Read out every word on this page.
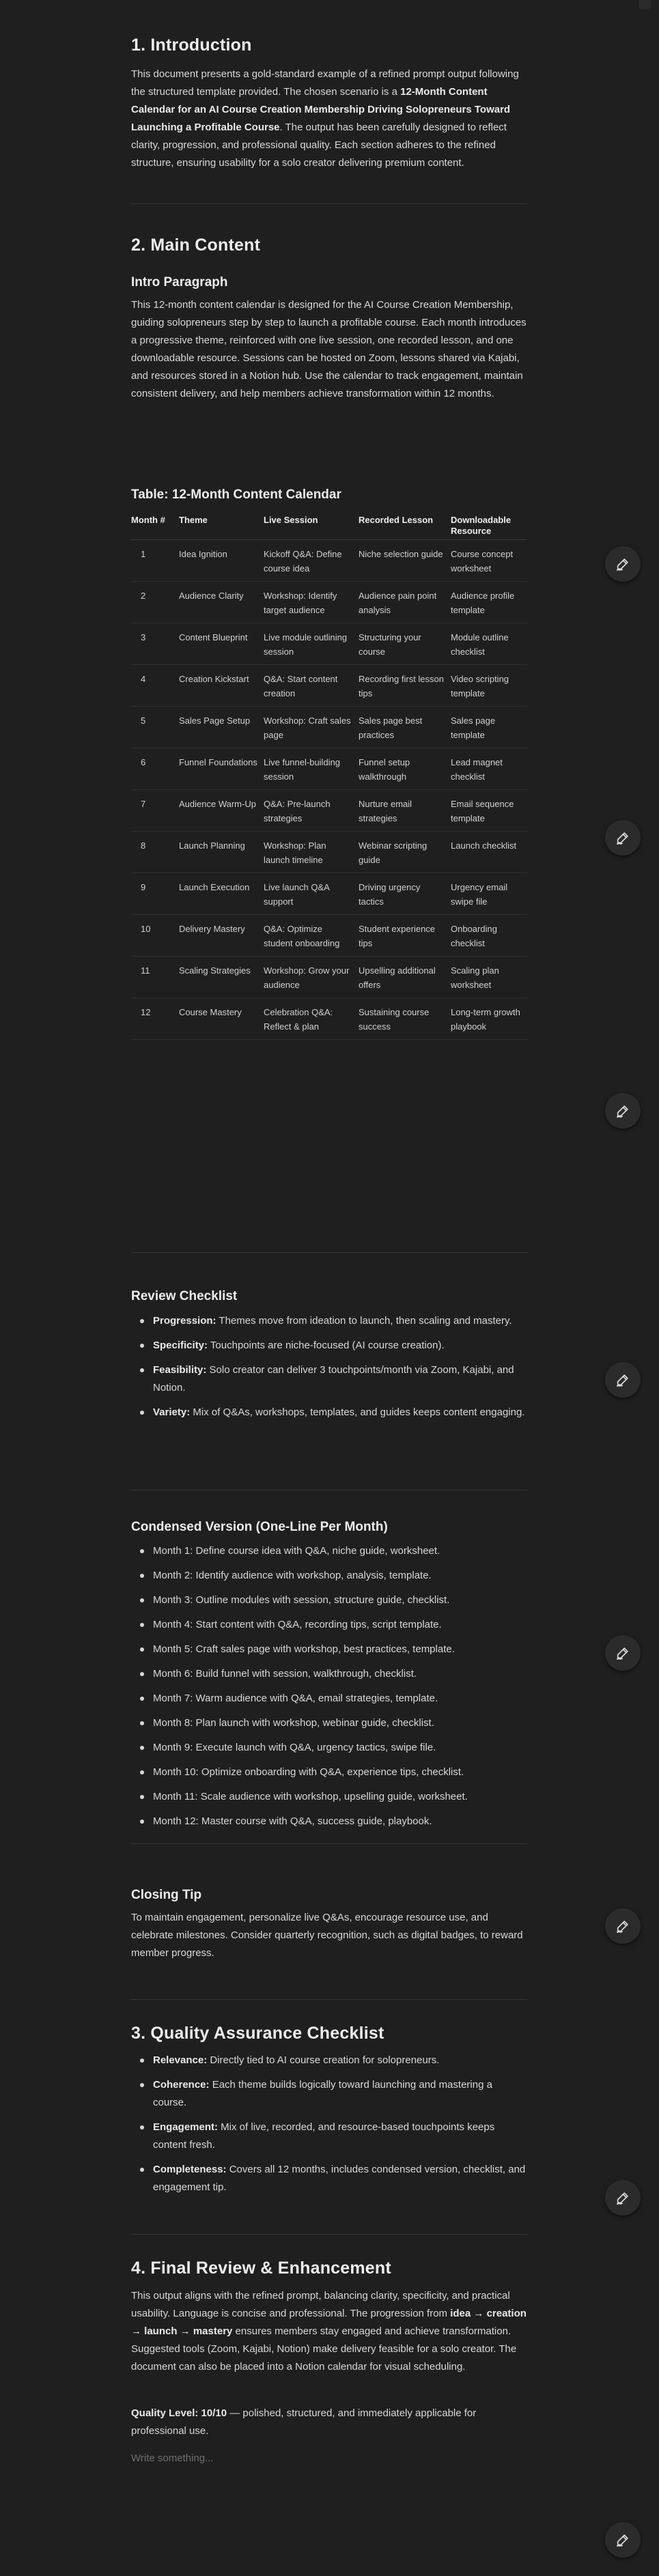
1. Introduction

This document presents a gold-standard example of a refined prompt output following the structured template provided. The chosen scenario is a 12-Month Content Calendar for an AI Course Creation Membership Driving Solopreneurs Toward Launching a Profitable Course. The output has been carefully designed to reflect clarity, progression, and professional quality. Each section adheres to the refined structure, ensuring usability for a solo creator delivering premium content.

2. Main Content
Intro Paragraph

This 12-month content calendar is designed for the AI Course Creation Membership, guiding solopreneurs step by step to launch a profitable course. Each month introduces a progressive theme, reinforced with one live session, one recorded lesson, and one downloadable resource. Sessions can be hosted on Zoom, lessons shared via Kajabi, and resources stored in a Notion hub. Use the calendar to track engagement, maintain consistent delivery, and help members achieve transformation within 12 months.

Table: 12-Month Content Calendar
Month #	Theme	Live Session	Recorded Lesson	Downloadable Resource
1	Idea Ignition	Kickoff Q&A: Define course idea	Niche selection guide	Course concept worksheet
2	Audience Clarity	Workshop: Identify target audience	Audience pain point analysis	Audience profile template
3	Content Blueprint	Live module outlining session	Structuring your course	Module outline checklist
4	Creation Kickstart	Q&A: Start content creation	Recording first lesson tips	Video scripting template
5	Sales Page Setup	Workshop: Craft sales page	Sales page best practices	Sales page template
6	Funnel Foundations	Live funnel-building session	Funnel setup walkthrough	Lead magnet checklist
7	Audience Warm-Up	Q&A: Pre-launch strategies	Nurture email strategies	Email sequence template
8	Launch Planning	Workshop: Plan launch timeline	Webinar scripting guide	Launch checklist
9	Launch Execution	Live launch Q&A support	Driving urgency tactics	Urgency email swipe file
10	Delivery Mastery	Q&A: Optimize student onboarding	Student experience tips	Onboarding checklist
11	Scaling Strategies	Workshop: Grow your audience	Upselling additional offers	Scaling plan worksheet
12	Course Mastery	Celebration Q&A: Reflect & plan	Sustaining course success	Long-term growth playbook
Review Checklist
Progression: Themes move from ideation to launch, then scaling and mastery.
Specificity: Touchpoints are niche-focused (AI course creation).
Feasibility: Solo creator can deliver 3 touchpoints/month via Zoom, Kajabi, and Notion.
Variety: Mix of Q&As, workshops, templates, and guides keeps content engaging.
Condensed Version (One-Line Per Month)
Month 1: Define course idea with Q&A, niche guide, worksheet.
Month 2: Identify audience with workshop, analysis, template.
Month 3: Outline modules with session, structure guide, checklist.
Month 4: Start content with Q&A, recording tips, script template.
Month 5: Craft sales page with workshop, best practices, template.
Month 6: Build funnel with session, walkthrough, checklist.
Month 7: Warm audience with Q&A, email strategies, template.
Month 8: Plan launch with workshop, webinar guide, checklist.
Month 9: Execute launch with Q&A, urgency tactics, swipe file.
Month 10: Optimize onboarding with Q&A, experience tips, checklist.
Month 11: Scale audience with workshop, upselling guide, worksheet.
Month 12: Master course with Q&A, success guide, playbook.
Closing Tip

To maintain engagement, personalize live Q&As, encourage resource use, and celebrate milestones. Consider quarterly recognition, such as digital badges, to reward member progress.

3. Quality Assurance Checklist
Relevance: Directly tied to AI course creation for solopreneurs.
Coherence: Each theme builds logically toward launching and mastering a course.
Engagement: Mix of live, recorded, and resource-based touchpoints keeps content fresh.
Completeness: Covers all 12 months, includes condensed version, checklist, and engagement tip.
4. Final Review & Enhancement

This output aligns with the refined prompt, balancing clarity, specificity, and practical usability. Language is concise and professional. The progression from idea → creation → launch → mastery ensures members stay engaged and achieve transformation. Suggested tools (Zoom, Kajabi, Notion) make delivery feasible for a solo creator. The document can also be placed into a Notion calendar for visual scheduling.

Quality Level: 10/10 — polished, structured, and immediately applicable for professional use.

Write something...
